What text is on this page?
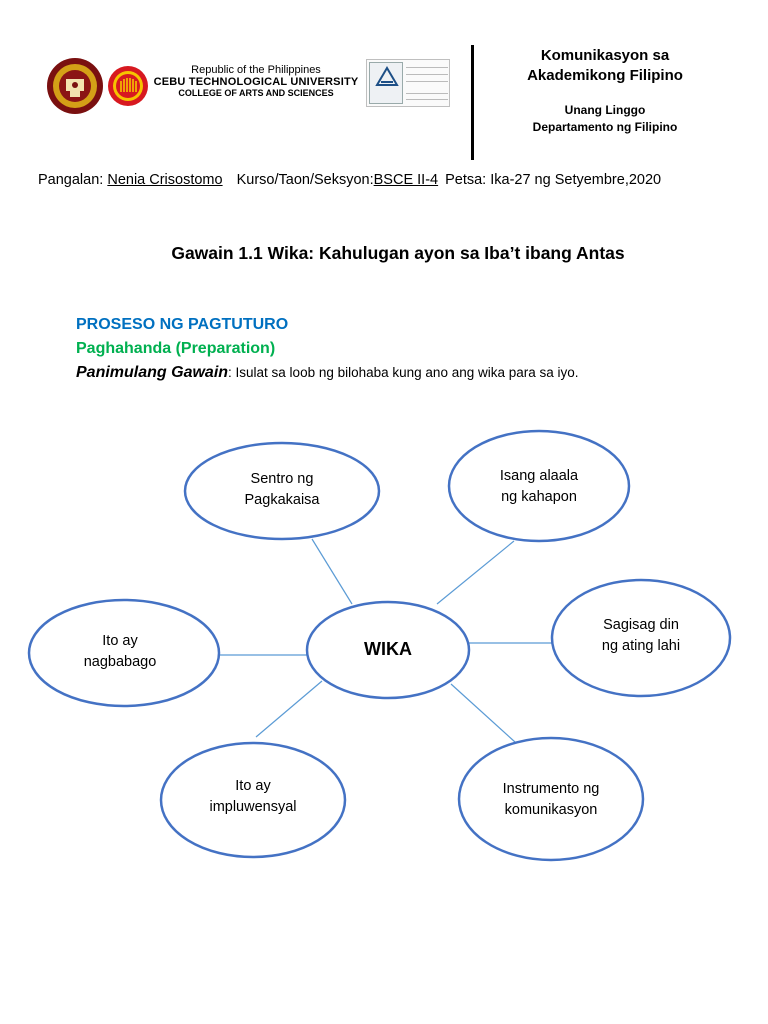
Republic of the Philippines
CEBU TECHNOLOGICAL UNIVERSITY
COLLEGE OF ARTS AND SCIENCES
Komunikasyon sa
Akademikong Filipino
Unang Linggo
Departamento ng Filipino
Pangalan: Nenia Crisostomo Kurso/Taon/Seksyon:BSCE II-4 Petsa: Ika-27 ng Setyembre,2020
Gawain 1.1 Wika: Kahulugan ayon sa Iba’t ibang Antas
PROSESO NG PAGTUTURO
Paghahanda (Preparation)
Panimulang Gawain: Isulat sa loob ng bilohaba kung ano ang wika para sa iyo.
WIKA
Sentro ng
Pagkakaisa
Isang alaala
ng kahapon
Ito ay
nagbabago
Sagisag din
ng ating lahi
Ito ay
impluwensyal
Instrumento ng
komunikasyon
